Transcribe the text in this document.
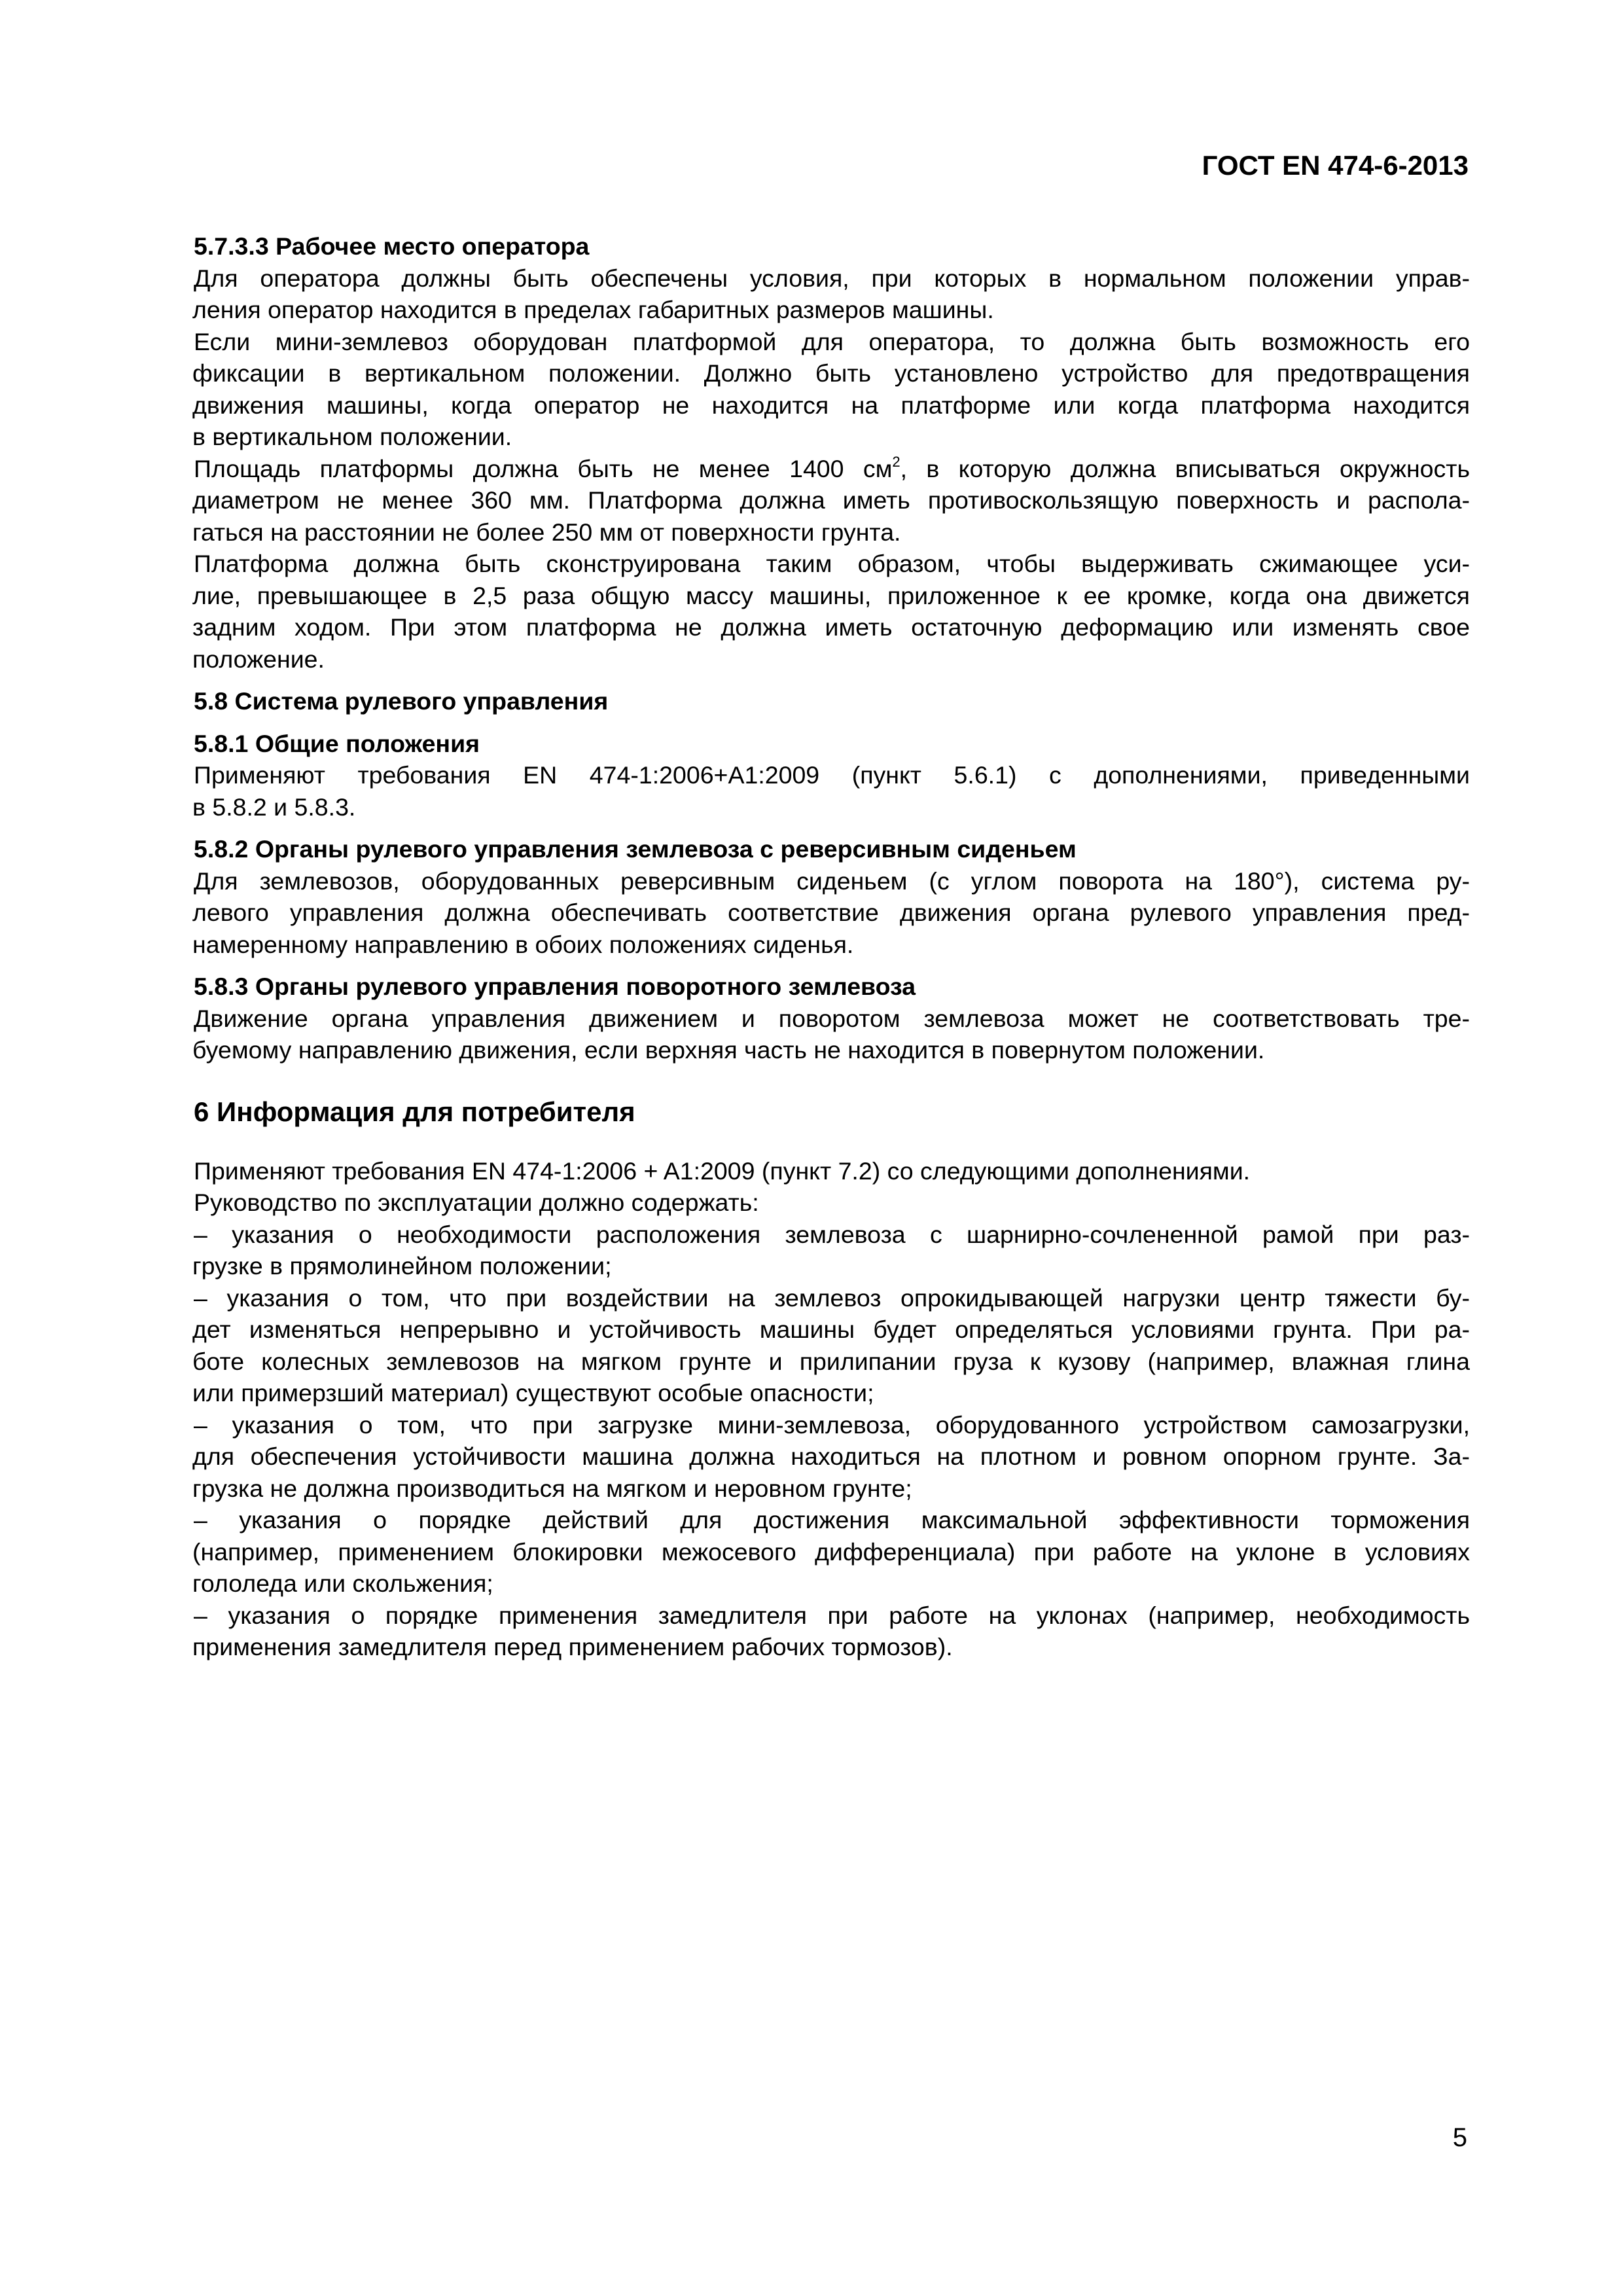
ГОСТ EN 474-6-2013
5.7.3.3 Рабочее место оператора
Для оператора должны быть обеспечены условия, при которых в нормальном положении управ-
ления оператор находится в пределах габаритных размеров машины.
Если мини-землевоз оборудован платформой для оператора, то должна быть возможность его
фиксации в вертикальном положении. Должно быть установлено устройство для предотвращения
движения машины, когда оператор не находится на платформе или когда платформа находится
в вертикальном положении.
Площадь платформы должна быть не менее 1400 $см^2$, в которую должна вписываться окружность
диаметром не менее 360 мм. Платформа должна иметь противоскользящую поверхность и распола-
гаться на расстоянии не более 250 мм от поверхности грунта.
Платформа должна быть сконструирована таким образом, чтобы выдерживать сжимающее уси-
лие, превышающее в 2,5 раза общую массу машины, приложенное к ее кромке, когда она движется
задним ходом. При этом платформа не должна иметь остаточную деформацию или изменять свое
положение.
5.8 Система рулевого управления
5.8.1 Общие положения
Применяют требования EN 474-1:2006+A1:2009 (пункт 5.6.1) с дополнениями, приведенными
в 5.8.2 и 5.8.3.
5.8.2 Органы рулевого управления землевоза с реверсивным сиденьем
Для землевозов, оборудованных реверсивным сиденьем (с углом поворота на 180°), система ру-
левого управления должна обеспечивать соответствие движения органа рулевого управления пред-
намеренному направлению в обоих положениях сиденья.
5.8.3 Органы рулевого управления поворотного землевоза
Движение органа управления движением и поворотом землевоза может не соответствовать тре-
буемому направлению движения, если верхняя часть не находится в повернутом положении.
6 Информация для потребителя
Применяют требования EN 474-1:2006 + A1:2009 (пункт 7.2) со следующими дополнениями.
Руководство по эксплуатации должно содержать:
– указания о необходимости расположения землевоза с шарнирно-сочлененной рамой при раз-
грузке в прямолинейном положении;
– указания о том, что при воздействии на землевоз опрокидывающей нагрузки центр тяжести бу-
дет изменяться непрерывно и устойчивость машины будет определяться условиями грунта. При ра-
боте колесных землевозов на мягком грунте и прилипании груза к кузову (например, влажная глина
или примерзший материал) существуют особые опасности;
– указания о том, что при загрузке мини-землевоза, оборудованного устройством самозагрузки,
для обеспечения устойчивости машина должна находиться на плотном и ровном опорном грунте. За-
грузка не должна производиться на мягком и неровном грунте;
– указания о порядке действий для достижения максимальной эффективности торможения
(например, применением блокировки межосевого дифференциала) при работе на уклоне в условиях
гололеда или скольжения;
– указания о порядке применения замедлителя при работе на уклонах (например, необходимость
применения замедлителя перед применением рабочих тормозов).
5
